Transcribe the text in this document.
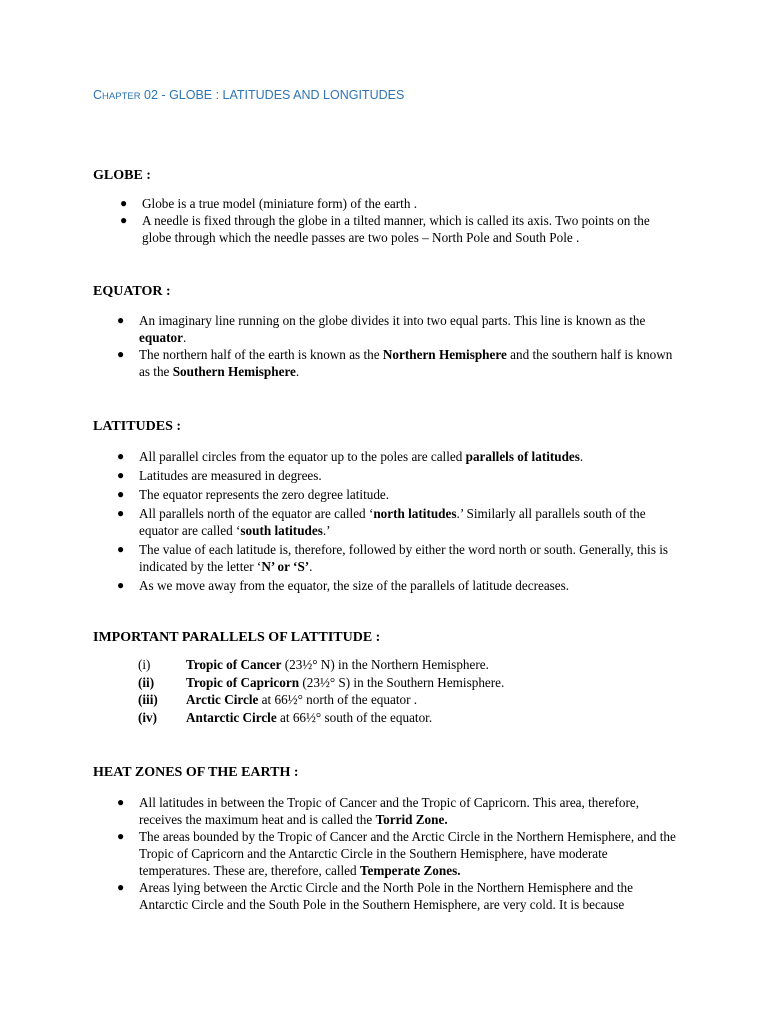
CHAPTER 02 - GLOBE : LATITUDES AND LONGITUDES
GLOBE :
● Globe is a true model (miniature form) of the earth .
● A needle is fixed through the globe in a tilted manner, which is called its axis. Two points on the globe through which the needle passes are two poles – North Pole and South Pole .
EQUATOR :
● An imaginary line running on the globe divides it into two equal parts. This line is known as the equator.
● The northern half of the earth is known as the Northern Hemisphere and the southern half is known as the Southern Hemisphere.
LATITUDES :
● All parallel circles from the equator up to the poles are called parallels of latitudes.
● Latitudes are measured in degrees.
● The equator represents the zero degree latitude.
● All parallels north of the equator are called ‘north latitudes.’ Similarly all parallels south of the equator are called ‘south latitudes.’
● The value of each latitude is, therefore, followed by either the word north or south. Generally, this is indicated by the letter ‘N’ or ‘S’.
● As we move away from the equator, the size of the parallels of latitude decreases.
IMPORTANT PARALLELS OF LATTITUDE :
(i)	Tropic of Cancer (23½° N) in the Northern Hemisphere.
(ii)	Tropic of Capricorn (23½° S) in the Southern Hemisphere.
(iii)	Arctic Circle at 66½° north of the equator .
(iv)	Antarctic Circle at 66½° south of the equator.
HEAT ZONES OF THE EARTH :
● All latitudes in between the Tropic of Cancer and the Tropic of Capricorn. This area, therefore, receives the maximum heat and is called the Torrid Zone.
● The areas bounded by the Tropic of Cancer and the Arctic Circle in the Northern Hemisphere, and the Tropic of Capricorn and the Antarctic Circle in the Southern Hemisphere, have moderate temperatures. These are, therefore, called Temperate Zones.
● Areas lying between the Arctic Circle and the North Pole in the Northern Hemisphere and the Antarctic Circle and the South Pole in the Southern Hemisphere, are very cold. It is because
